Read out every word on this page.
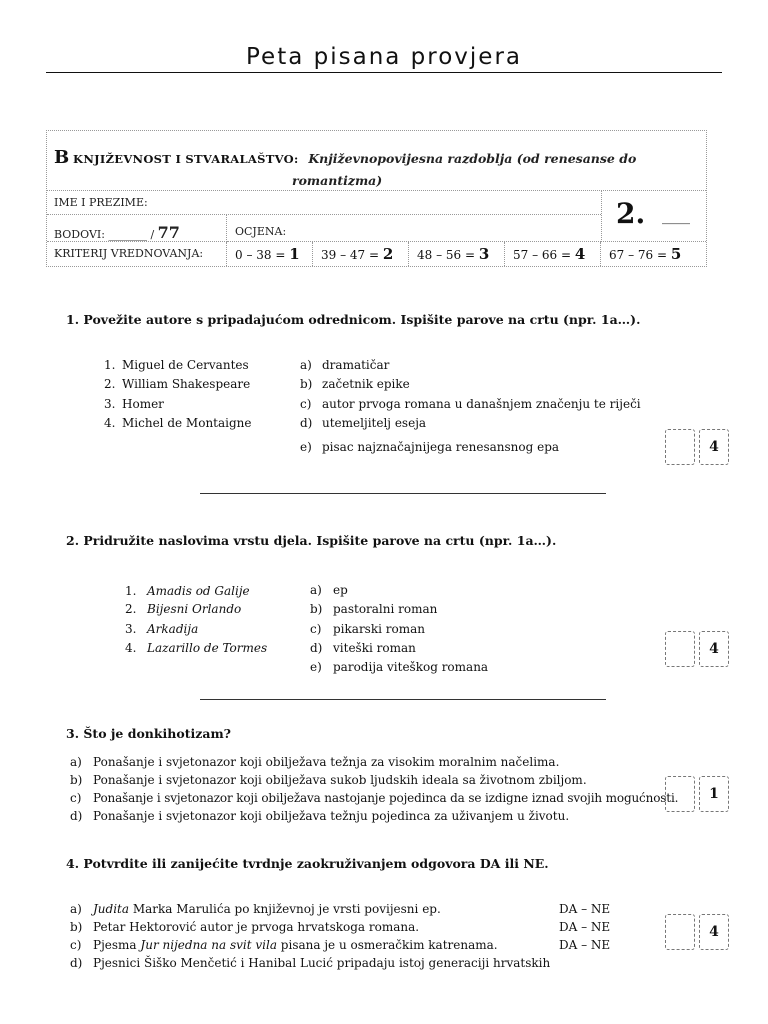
Peta pisana provjera
B KNJIŽEVNOST I STVARALAŠTVO: Književnopovijesna razdoblja (od renesanse do
romantizma)
IME I PREZIME:	2. ____
BODOVI: _______ / 77	OCJENA:
KRITERIJ VREDNOVANJA:	0 – 38 = 1 39 – 47 = 2 48 – 56 = 3 57 – 66 = 4 67 – 76 = 5
1. Povežite autore s pripadajućom odrednicom. Ispišite parove na crtu (npr. 1a…).
1. Miguel de Cervantes
2. William Shakespeare
3. Homer
4. Michel de Montaigne
a) dramatičar
b) začetnik epike
c) autor prvoga romana u današnjem značenju te riječi
d) utemeljitelj eseja
e) pisac najznačajnijega renesansnog epa	4
2. Pridružite naslovima vrstu djela. Ispišite parove na crtu (npr. 1a…).
1. Amadis od Galije
2. Bijesni Orlando
3. Arkadija
4. Lazarillo de Tormes
a) ep
b) pastoralni roman
c) pikarski roman
d) viteški roman
e) parodija viteškog romana
4
3. Što je donkihotizam?
a) Ponašanje i svjetonazor koji obilježava težnja za visokim moralnim načelima.
b) Ponašanje i svjetonazor koji obilježava sukob ljudskih ideala sa životnom zbiljom.
c) Ponašanje i svjetonazor koji obilježava nastojanje pojedinca da se izdigne iznad svojih mogućnosti.
d) Ponašanje i svjetonazor koji obilježava težnju pojedinca za uživanjem u životu.
1
4. Potvrdite ili zanijećite tvrdnje zaokruživanjem odgovora DA ili NE.
a) Judita Marka Marulića po književnoj je vrsti povijesni ep.	DA – NE
b) Petar Hektorović autor je prvoga hrvatskoga romana.	DA – NE
c) Pjesma Jur nijedna na svit vila pisana je u osmeračkim katrenama.	DA – NE
d) Pjesnici Šiško Menčetić i Hanibal Lucić pripadaju istoj generaciji hrvatskih
4
